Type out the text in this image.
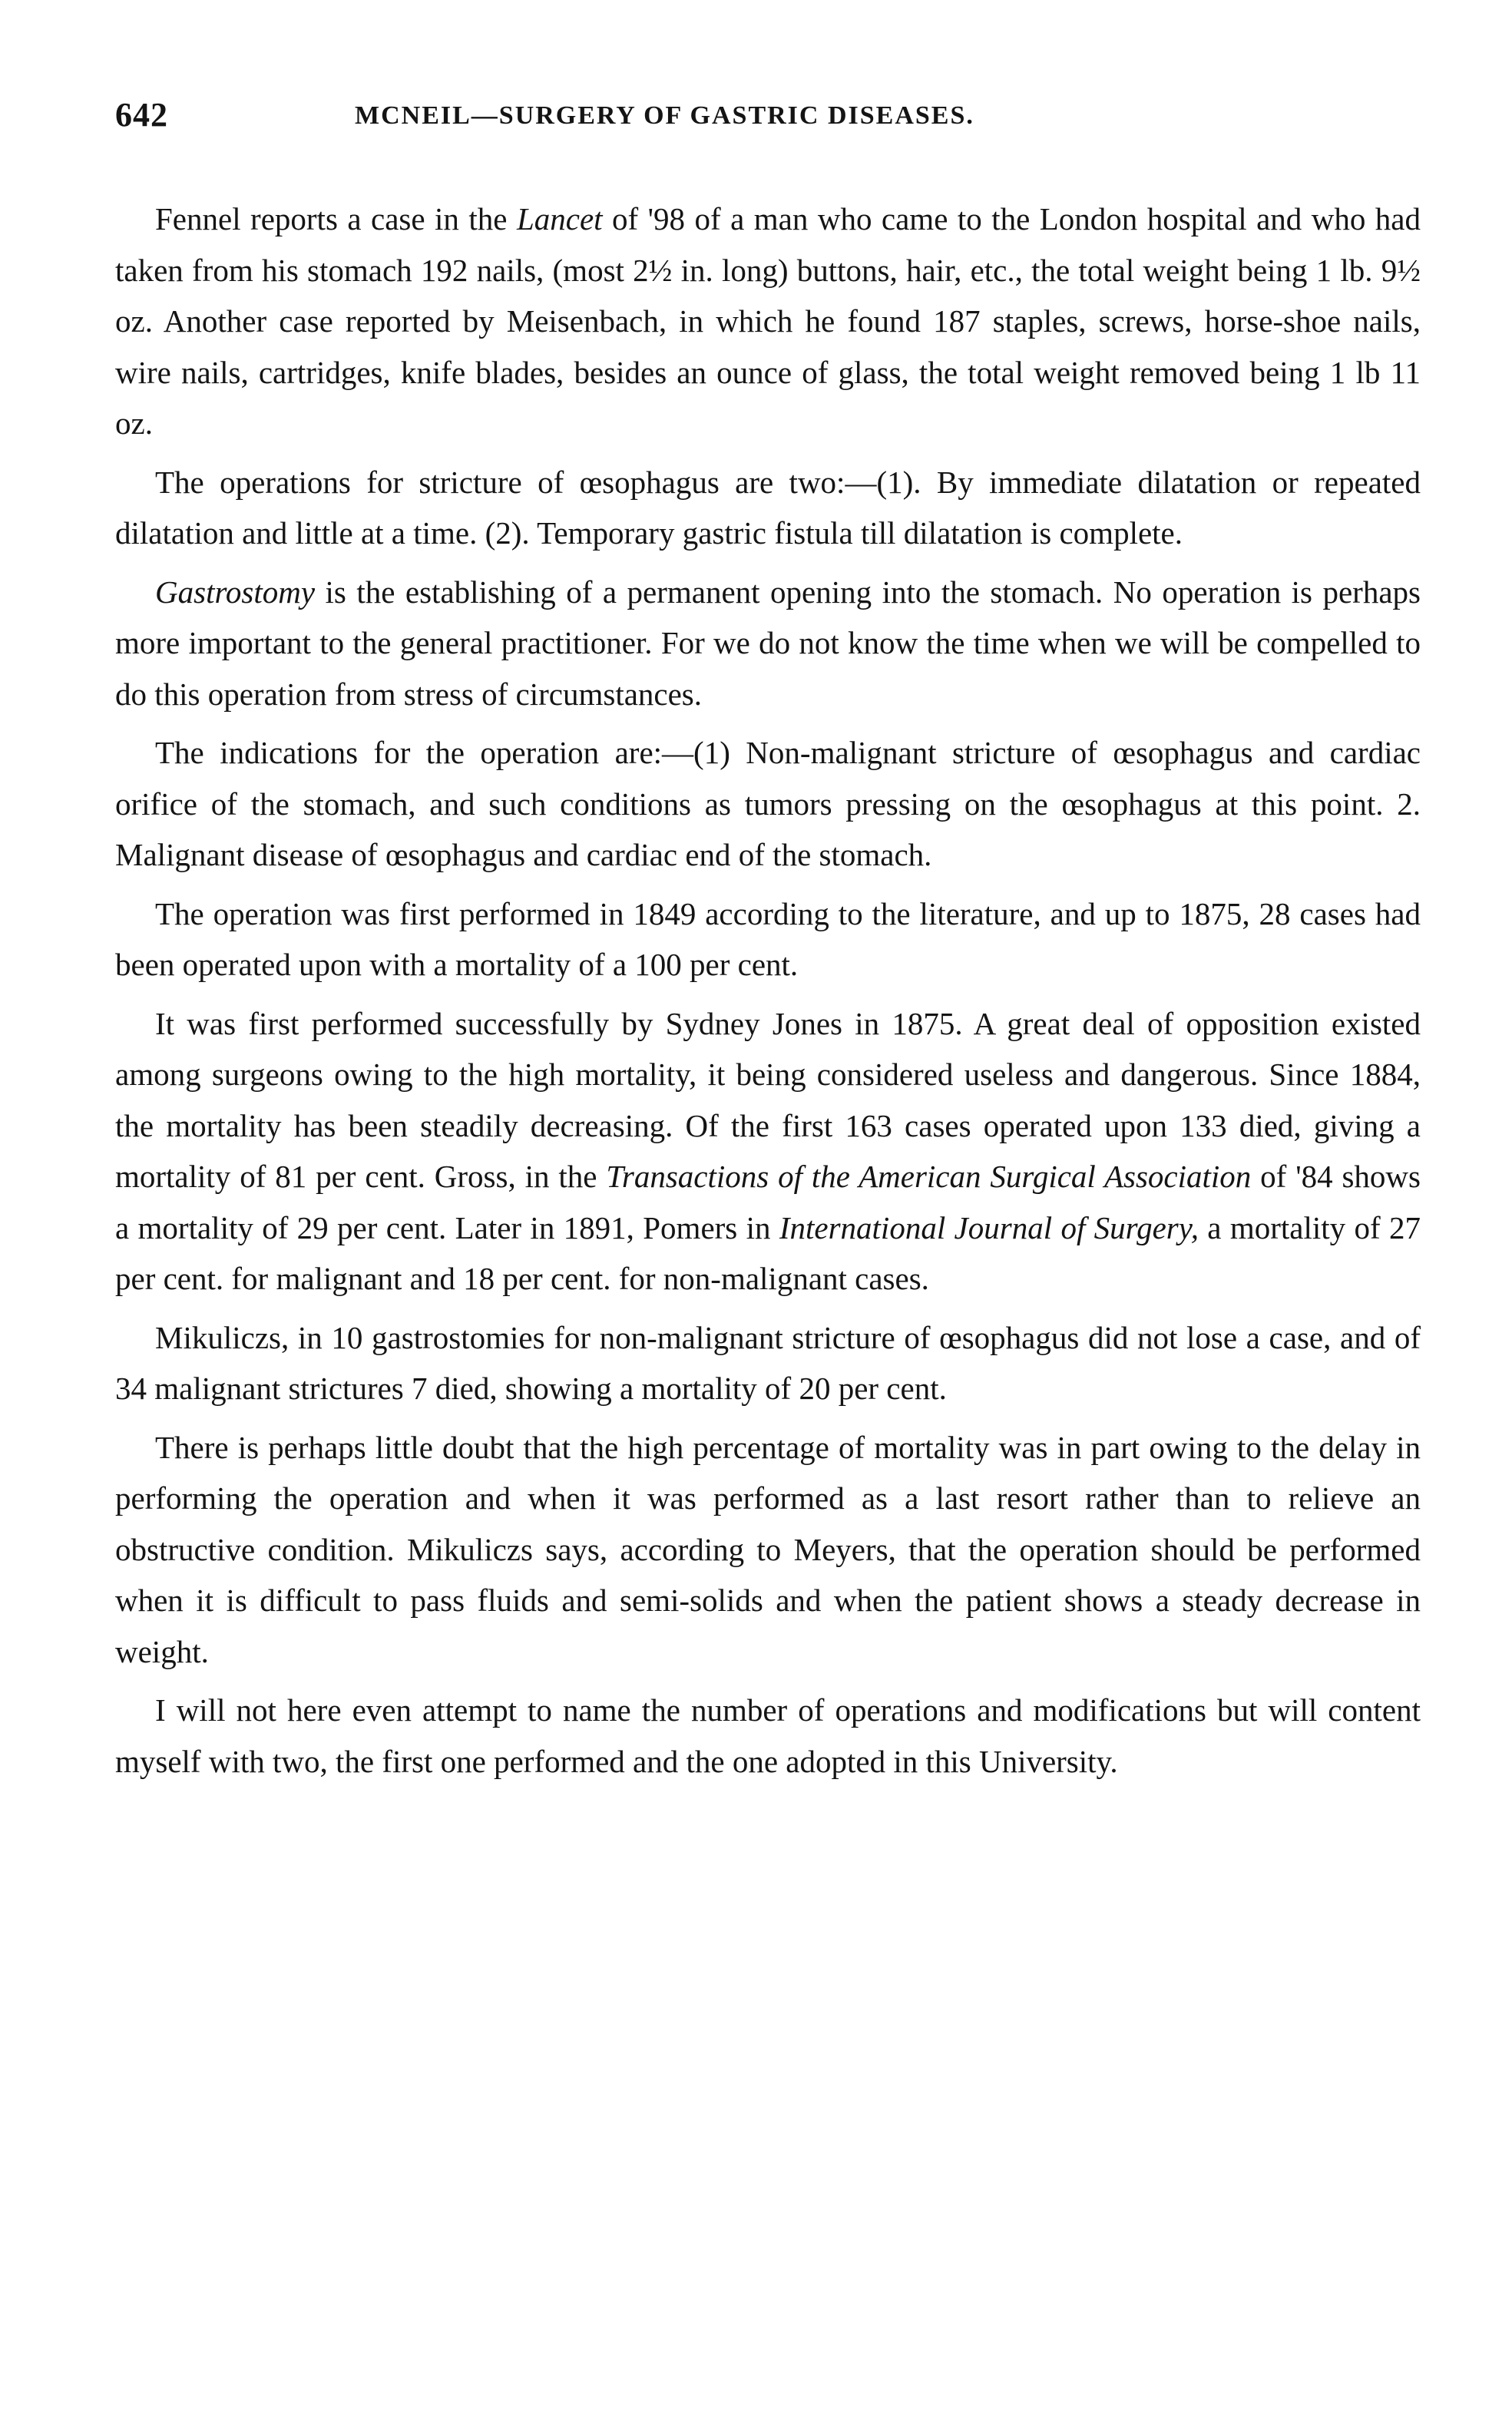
642	MCNEIL—SURGERY OF GASTRIC DISEASES.

Fennel reports a case in the Lancet of '98 of a man who came to the London hospital and who had taken from his stomach 192 nails, (most 2½ in. long) buttons, hair, etc., the total weight being 1 lb. 9½ oz. Another case reported by Meisenbach, in which he found 187 staples, screws, horse-shoe nails, wire nails, cartridges, knife blades, besides an ounce of glass, the total weight removed being 1 lb 11 oz.

The operations for stricture of œsophagus are two:—(1). By immediate dilatation or repeated dilatation and little at a time. (2). Temporary gastric fistula till dilatation is complete.

Gastrostomy is the establishing of a permanent opening into the stomach. No operation is perhaps more important to the general practitioner. For we do not know the time when we will be compelled to do this operation from stress of circumstances.

The indications for the operation are:—(1) Non-malignant stricture of œsophagus and cardiac orifice of the stomach, and such conditions as tumors pressing on the œsophagus at this point. 2. Malignant disease of œsophagus and cardiac end of the stomach.

The operation was first performed in 1849 according to the literature, and up to 1875, 28 cases had been operated upon with a mortality of a 100 per cent.

It was first performed successfully by Sydney Jones in 1875. A great deal of opposition existed among surgeons owing to the high mortality, it being considered useless and dangerous. Since 1884, the mortality has been steadily decreasing. Of the first 163 cases operated upon 133 died, giving a mortality of 81 per cent. Gross, in the Transactions of the American Surgical Association of '84 shows a mortality of 29 per cent. Later in 1891, Pomers in International Journal of Surgery, a mortality of 27 per cent. for malignant and 18 per cent. for non-malignant cases.

Mikuliczs, in 10 gastrostomies for non-malignant stricture of œsophagus did not lose a case, and of 34 malignant strictures 7 died, showing a mortality of 20 per cent.

There is perhaps little doubt that the high percentage of mortality was in part owing to the delay in performing the operation and when it was performed as a last resort rather than to relieve an obstructive condition. Mikuliczs says, according to Meyers, that the operation should be performed when it is difficult to pass fluids and semi-solids and when the patient shows a steady decrease in weight.

I will not here even attempt to name the number of operations and modifications but will content myself with two, the first one performed and the one adopted in this University.
